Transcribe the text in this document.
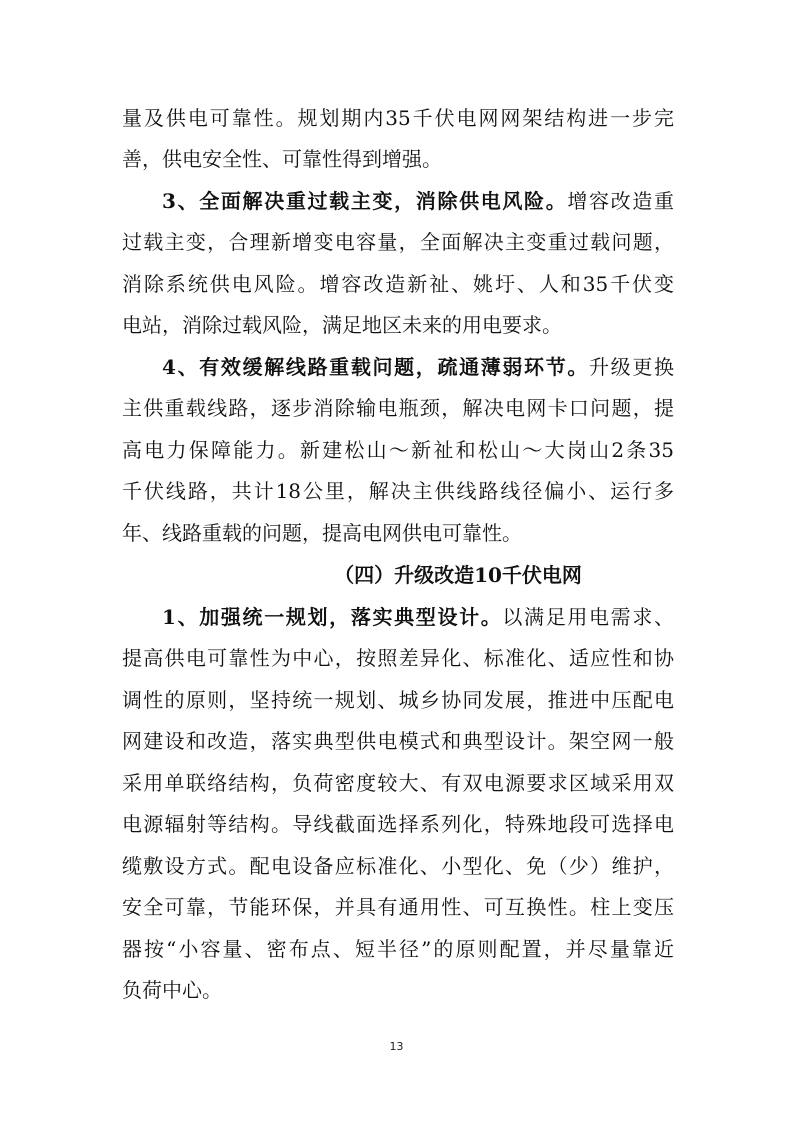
量及供电可靠性。规划期内35千伏电网网架结构进一步完
善，供电安全性、可靠性得到增强。
3、全面解决重过载主变，消除供电风险。增容改造重
过载主变，合理新增变电容量，全面解决主变重过载问题，
消除系统供电风险。增容改造新祉、姚圩、人和35千伏变
电站，消除过载风险，满足地区未来的用电要求。
4、有效缓解线路重载问题，疏通薄弱环节。升级更换
主供重载线路，逐步消除输电瓶颈，解决电网卡口问题，提
高电力保障能力。新建松山～新祉和松山～大岗山2条35
千伏线路，共计18公里，解决主供线路线径偏小、运行多
年、线路重载的问题，提高电网供电可靠性。
（四）升级改造10千伏电网
1、加强统一规划，落实典型设计。以满足用电需求、
提高供电可靠性为中心，按照差异化、标准化、适应性和协
调性的原则，坚持统一规划、城乡协同发展，推进中压配电
网建设和改造，落实典型供电模式和典型设计。架空网一般
采用单联络结构，负荷密度较大、有双电源要求区域采用双
电源辐射等结构。导线截面选择系列化，特殊地段可选择电
缆敷设方式。配电设备应标准化、小型化、免（少）维护，
安全可靠，节能环保，并具有通用性、可互换性。柱上变压
器按“小容量、密布点、短半径”的原则配置，并尽量靠近
负荷中心。
13
